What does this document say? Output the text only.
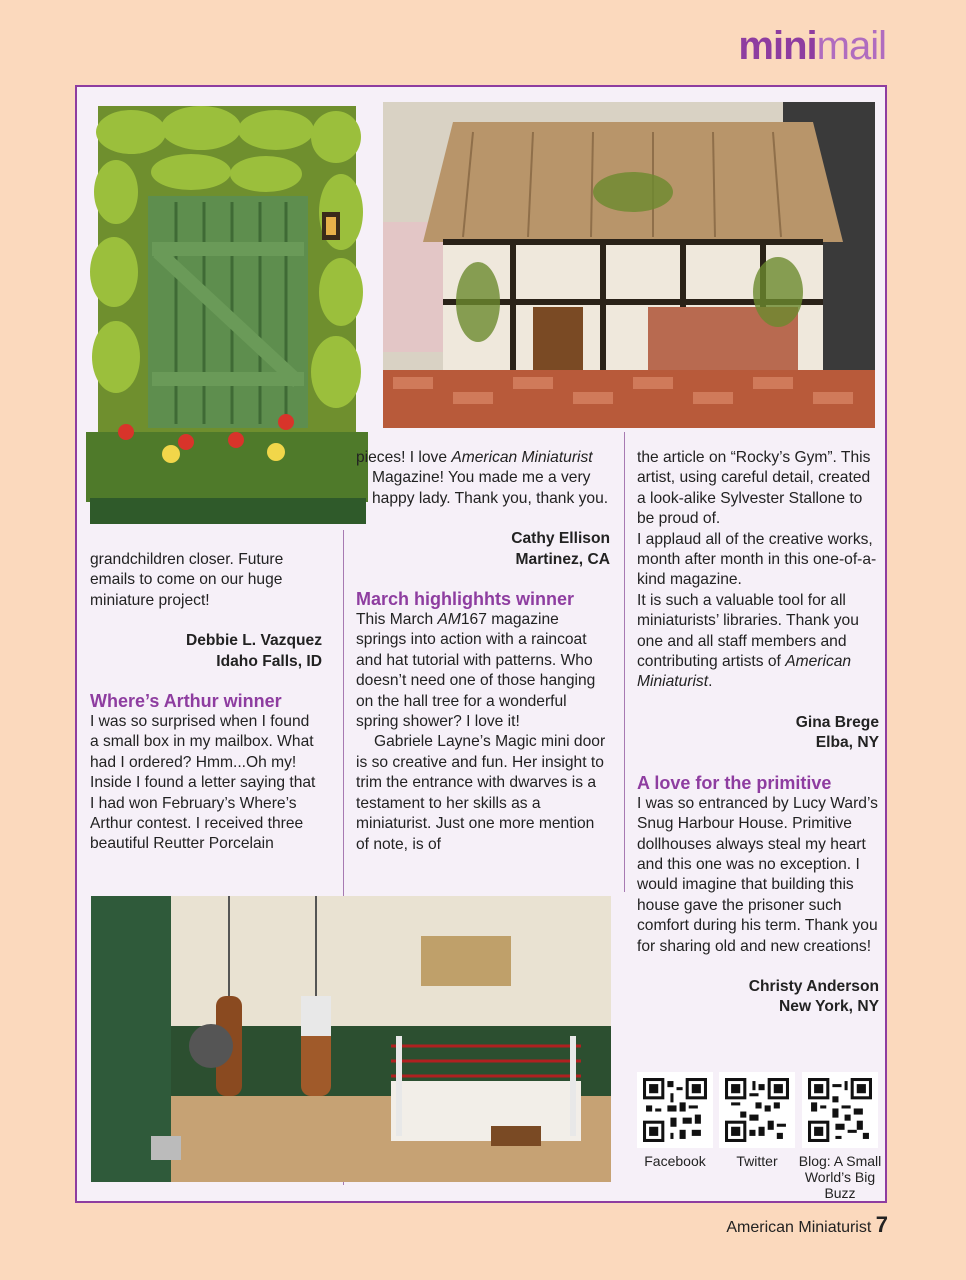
minimail

grandchildren closer. Future emails to come on our huge miniature project!

Debbie L. Vazquez

Idaho Falls, ID

Where’s Arthur winner

I was so surprised when I found a small box in my mailbox. What had I ordered? Hmm...Oh my! Inside I found a letter saying that I had won February’s Where’s Arthur contest. I received three beautiful Reutter Porcelain

pieces! I love American Miniaturist Magazine! You made me a very happy lady. Thank you, thank you.

Cathy Ellison

Martinez, CA

March highlighhts winner

This March AM167 magazine springs into action with a raincoat and hat tutorial with patterns. Who doesn’t need one of those hanging on the hall tree for a wonderful spring shower? I love it!

Gabriele Layne’s Magic mini door is so creative and fun. Her insight to trim the entrance with dwarves is a testament to her skills as a miniaturist. Just one more mention of note, is of

the article on “Rocky’s Gym”. This artist, using careful detail, created a look-alike Sylvester Stallone to be proud of.

I applaud all of the creative works, month after month in this one-of-a-kind magazine.

It is such a valuable tool for all miniaturists’ libraries. Thank you one and all staff members and contributing artists of American Miniaturist.

Gina Brege

Elba, NY

A love for the primitive

I was so entranced by Lucy Ward’s Snug Harbour House. Primitive dollhouses always steal my heart and this one was no exception. I would imagine that building this house gave the prisoner such comfort during his term. Thank you for sharing old and new creations!

Christy Anderson

New York, NY

Facebook	Twitter	Blog: A Small World’s Big Buzz
American Miniaturist 7
